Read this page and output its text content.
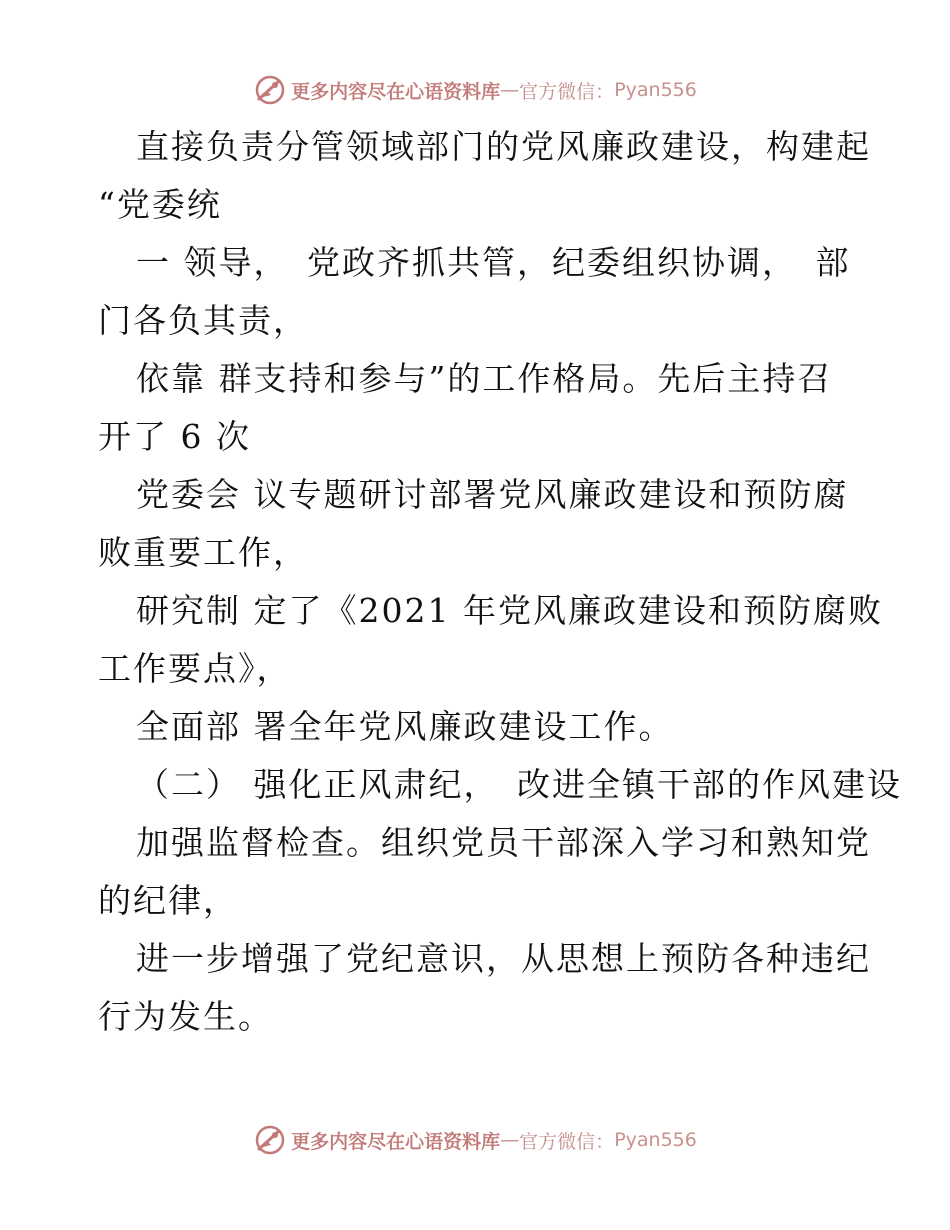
更多内容尽在心语资料库 — 官方微信： Pyan556

直接负责分管领域部门的党风廉政建设，构建起

“党委统

一 领导，　党政齐抓共管，纪委组织协调，　部

门各负其责，

依靠 群支持和参与”的工作格局。先后主持召

开了 6 次

党委会 议专题研讨部署党风廉政建设和预防腐

败重要工作，

研究制 定了《2021 年党风廉政建设和预防腐败

工作要点》，

全面部 署全年党风廉政建设工作。

（二） 强化正风肃纪，　改进全镇干部的作风建设

加强监督检查。组织党员干部深入学习和熟知党

的纪律，

进一步增强了党纪意识，从思想上预防各种违纪

行为发生。

更多内容尽在心语资料库 — 官方微信： Pyan556
